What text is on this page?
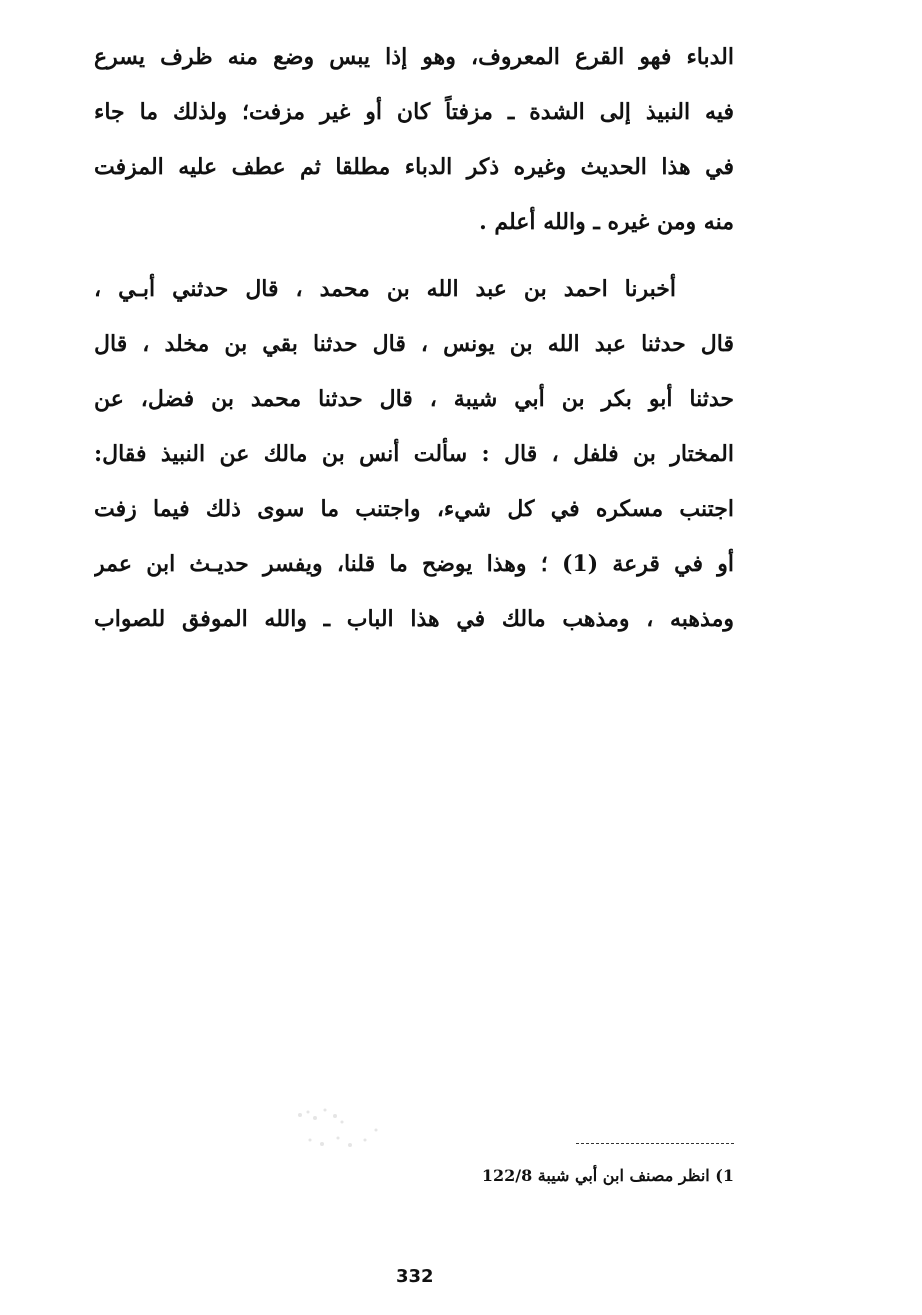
الدباء فهو القرع المعروف، وهو إذا يبس وضع منه ظرف يسرع
فيه النبيذ إلى الشدة ـ مزفتاً كان أو غير مزفت؛ ولذلك ما جاء
في هذا الحديث وغيره ذكر الدباء مطلقا ثم عطف عليه المزفت
منه ومن غيره ـ والله أعلم .
أخبرنا احمد بن عبد الله بن محمد ، قال حدثني أبـي ،
قال حدثنا عبد الله بن يونس ، قال حدثنا بقي بن مخلد ، قال
حدثنا أبو بكر بن أبي شيبة ، قال حدثنا محمد بن فضل، عن
المختار بن فلفل ، قال : سألت أنس بن مالك عن النبيذ فقال:
اجتنب مسكره في كل شيء، واجتنب ما سوى ذلك فيما زفت
أو في قرعة (1) ؛ وهذا يوضح ما قلنا، ويفسر حديـث ابن عمر
ومذهبه ، ومذهب مالك في هذا الباب ـ والله الموفق للصواب
1) انظر مصنف ابن أبي شيبة 122/8
332
